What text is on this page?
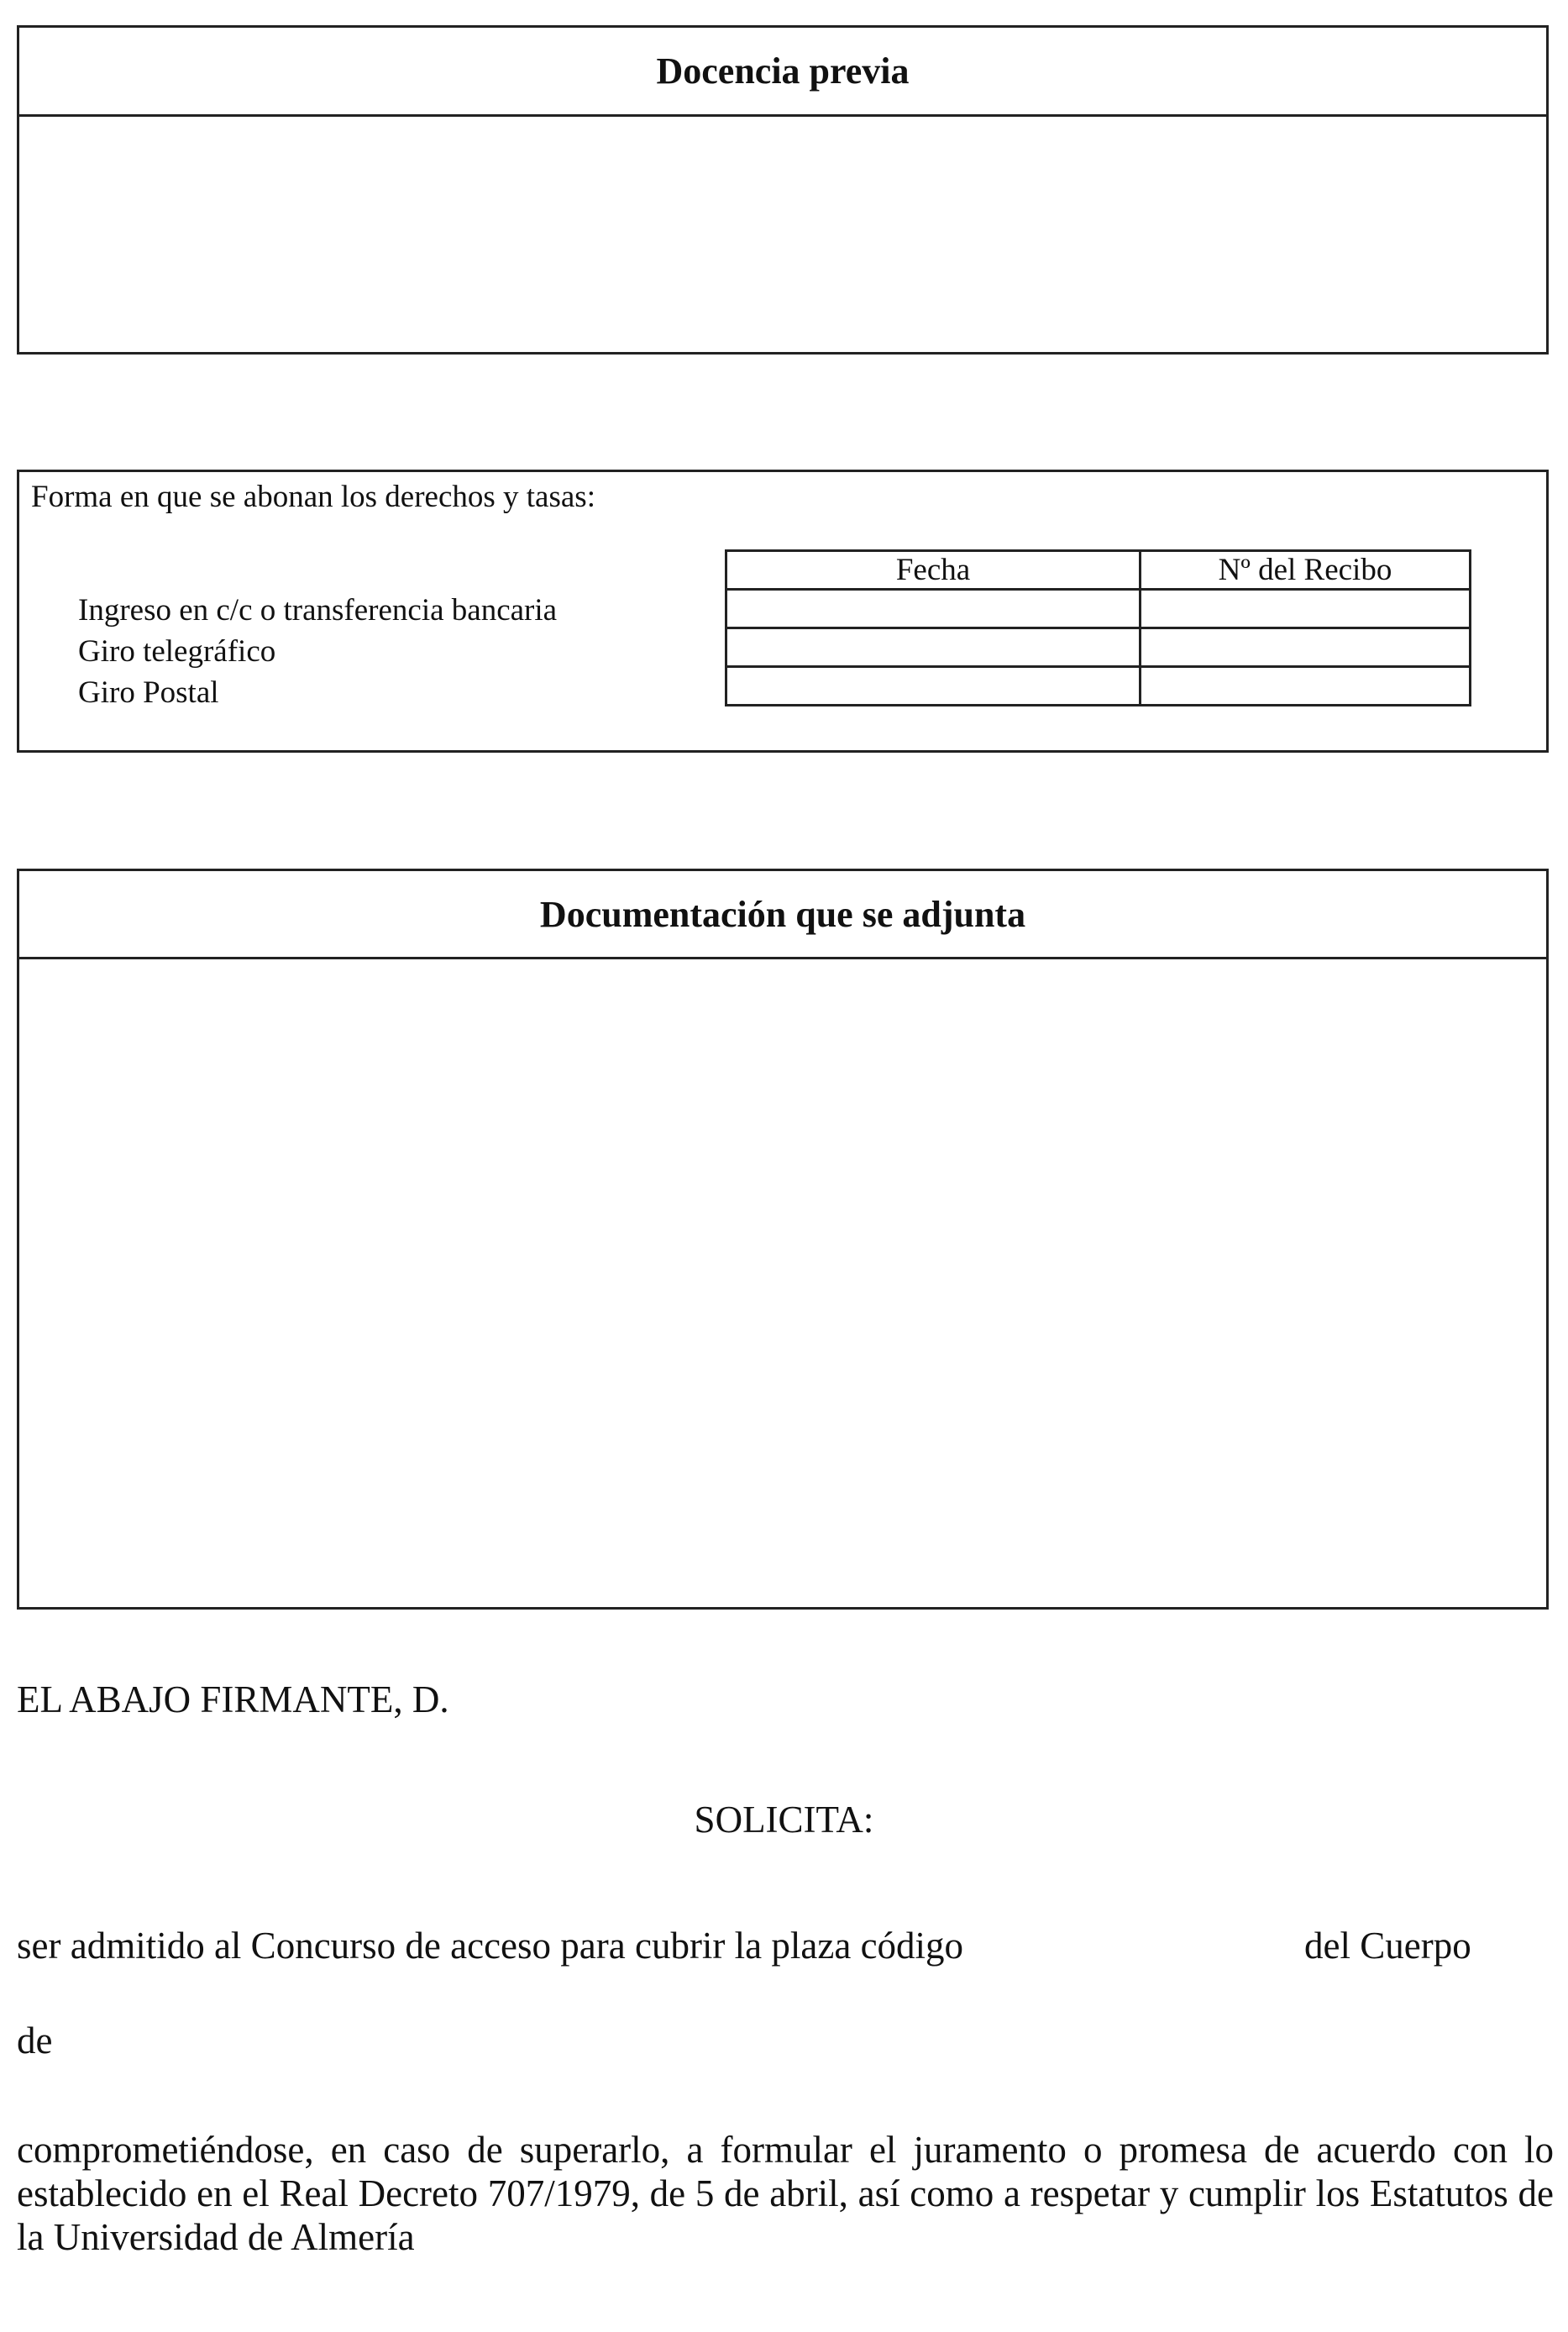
Docencia previa
Forma en que se abonan los derechos y tasas:
Ingreso en c/c o transferencia bancaria
Giro telegráfico
Giro Postal
Fecha	Nº del Recibo

Documentación que se adjunta
EL ABAJO FIRMANTE, D.
SOLICITA:
ser admitido al Concurso de acceso para cubrir la plaza código	del Cuerpo
de
comprometiéndose, en caso de superarlo, a formular el juramento o promesa de acuerdo con lo establecido en el Real Decreto 707/1979, de 5 de abril, así como a respetar y cumplir los Estatutos de la Universidad de Almería
